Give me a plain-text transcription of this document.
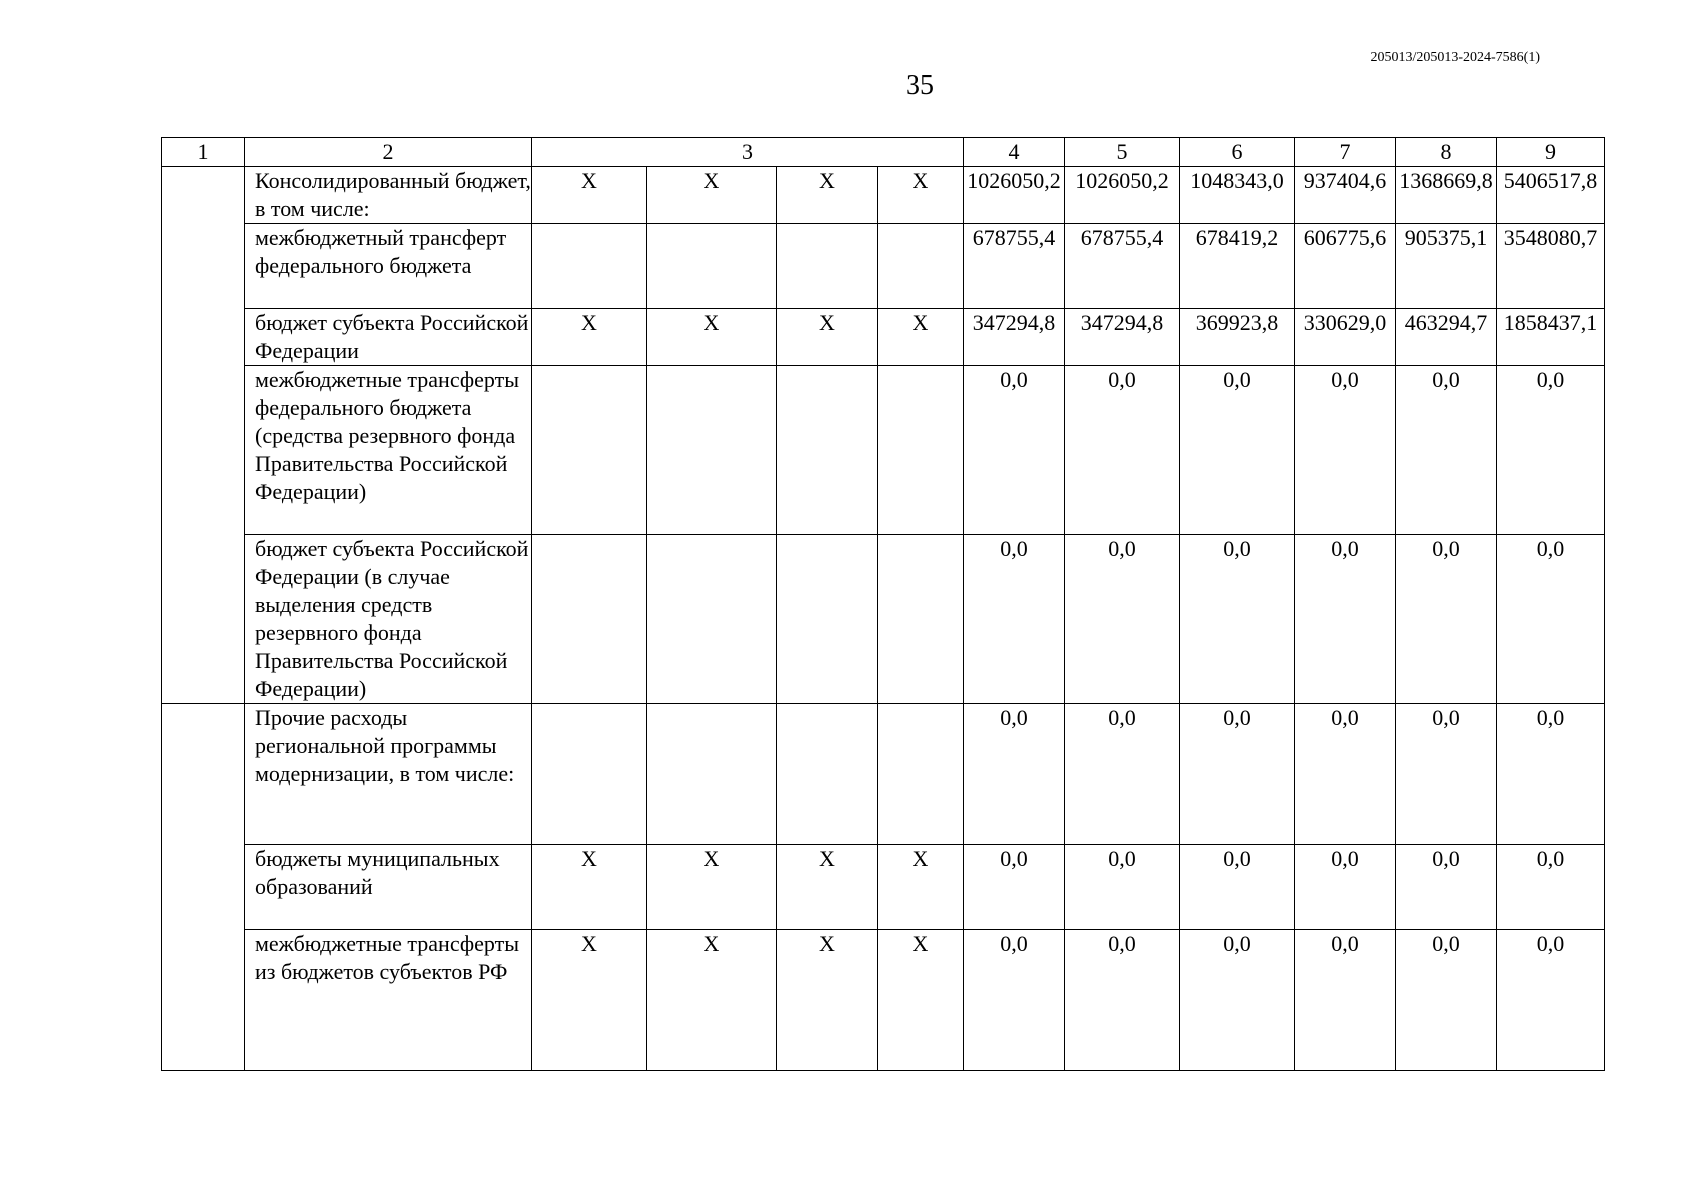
205013/205013-2024-7586(1)
35
1	2	3				4	5	6	7	8	9
	Консолидированный бюджет, в том числе:	X	X	X	X	1026050,2	1026050,2	1048343,0	937404,6	1368669,8	5406517,8
	межбюджетный трансферт федерального бюджета					678755,4	678755,4	678419,2	606775,6	905375,1	3548080,7
	бюджет субъекта Российской Федерации	X	X	X	X	347294,8	347294,8	369923,8	330629,0	463294,7	1858437,1
	межбюджетные трансферты федерального бюджета (средства резервного фонда Правительства Российской Федерации)					0,0	0,0	0,0	0,0	0,0	0,0
	бюджет субъекта Российской Федерации (в случае выделения средств резервного фонда Правительства Российской Федерации)					0,0	0,0	0,0	0,0	0,0	0,0
	Прочие расходы региональной программы модернизации, в том числе:					0,0	0,0	0,0	0,0	0,0	0,0
	бюджеты муниципальных образований	X	X	X	X	0,0	0,0	0,0	0,0	0,0	0,0
	межбюджетные трансферты из бюджетов субъектов РФ	X	X	X	X	0,0	0,0	0,0	0,0	0,0	0,0
